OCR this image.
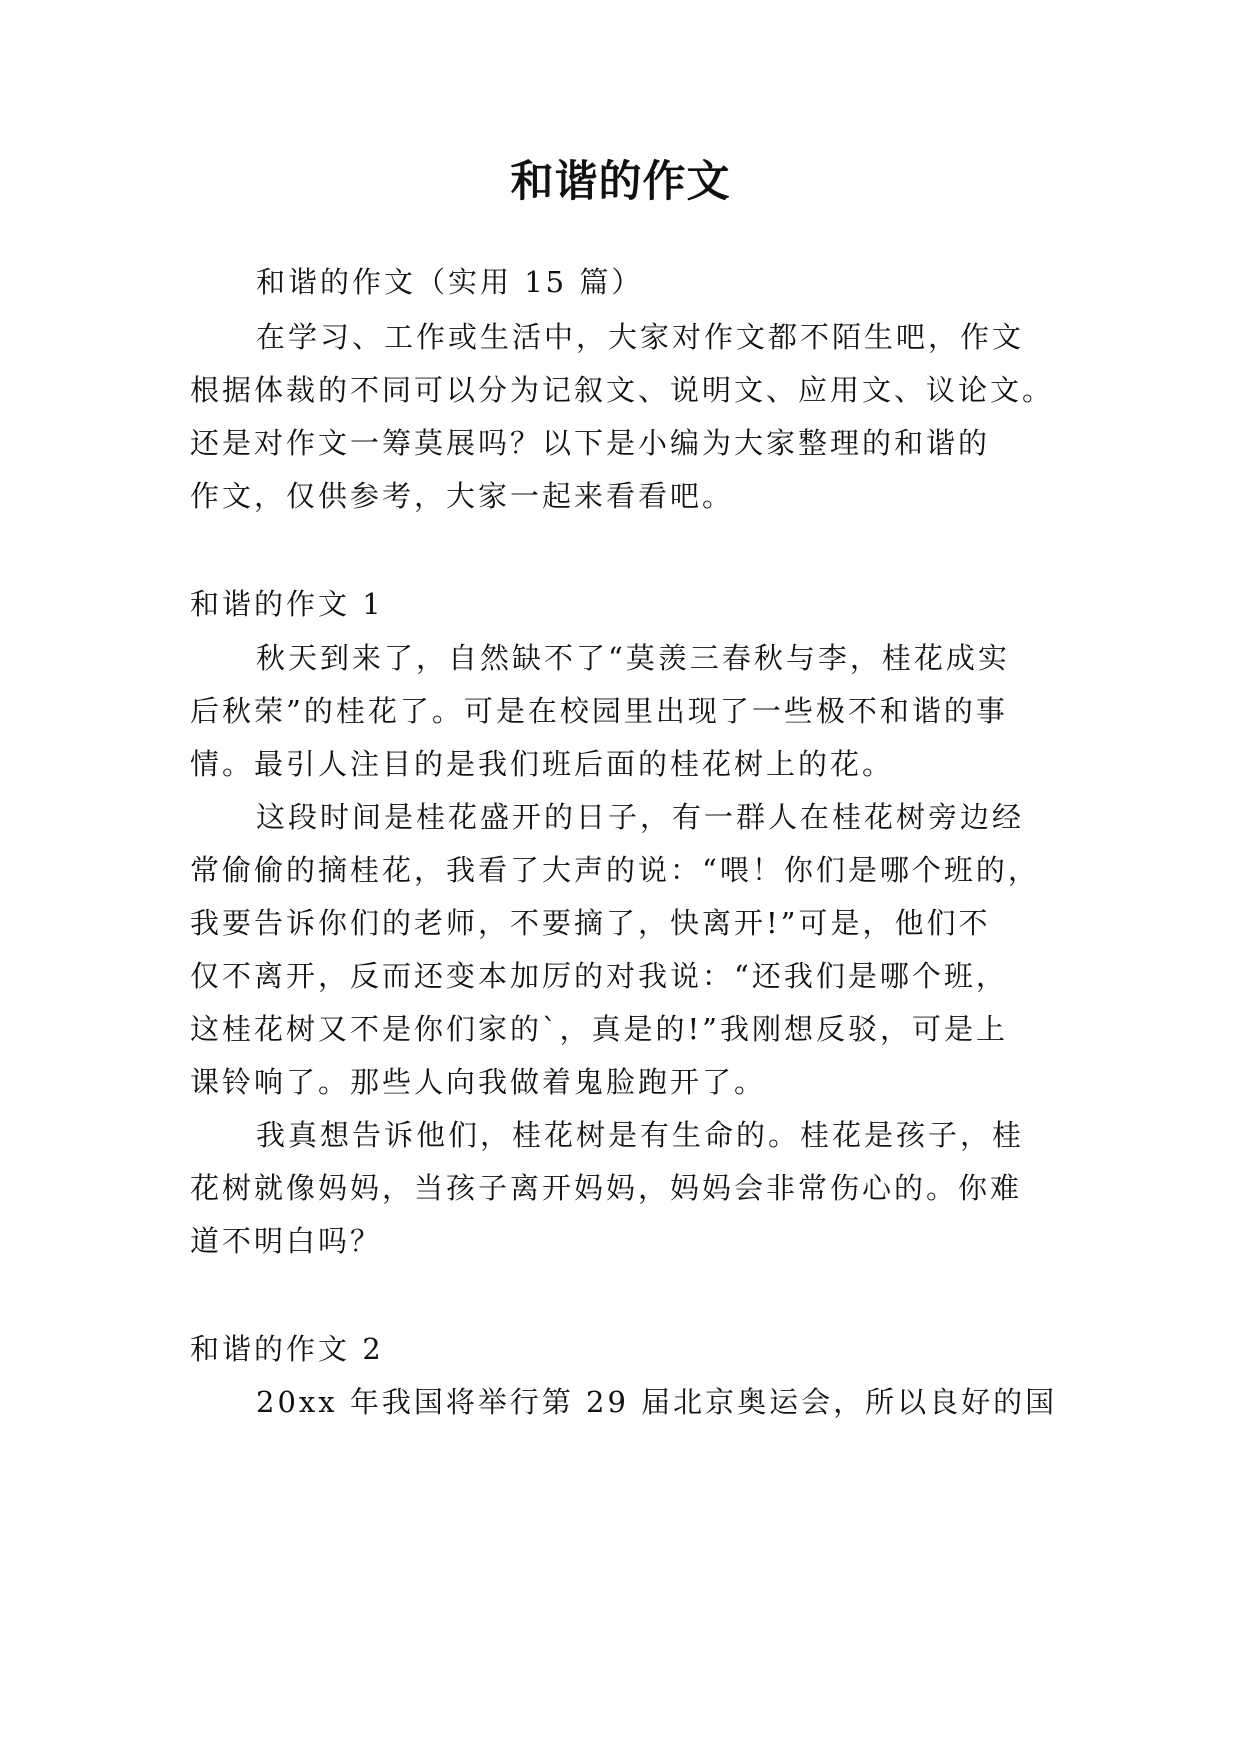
和谐的作文

和谐的作文（实用 15 篇）

在学习、工作或生活中，大家对作文都不陌生吧，作文

根据体裁的不同可以分为记叙文、说明文、应用文、议论文。

还是对作文一筹莫展吗？以下是小编为大家整理的和谐的

作文，仅供参考，大家一起来看看吧。

和谐的作文 1

秋天到来了，自然缺不了“莫羡三春秋与李，桂花成实

后秋荣”的桂花了。可是在校园里出现了一些极不和谐的事

情。最引人注目的是我们班后面的桂花树上的花。

这段时间是桂花盛开的日子，有一群人在桂花树旁边经

常偷偷的摘桂花，我看了大声的说：“喂！你们是哪个班的，

我要告诉你们的老师，不要摘了，快离开!”可是，他们不

仅不离开，反而还变本加厉的对我说：“还我们是哪个班，

这桂花树又不是你们家的`，真是的!”我刚想反驳，可是上

课铃响了。那些人向我做着鬼脸跑开了。

我真想告诉他们，桂花树是有生命的。桂花是孩子，桂

花树就像妈妈，当孩子离开妈妈，妈妈会非常伤心的。你难

道不明白吗？

和谐的作文 2

20xx 年我国将举行第 29 届北京奥运会，所以良好的国
